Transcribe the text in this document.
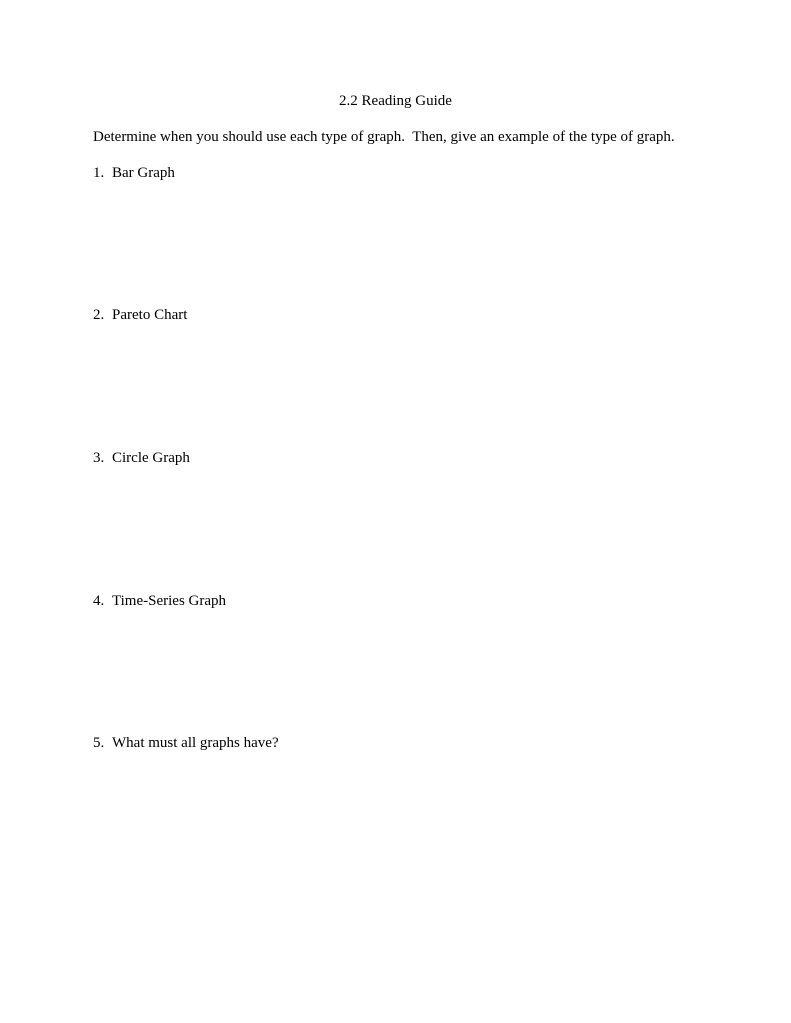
2.2 Reading Guide
Determine when you should use each type of graph.  Then, give an example of the type of graph.
1. Bar Graph
2. Pareto Chart
3. Circle Graph
4. Time-Series Graph
5. What must all graphs have?
